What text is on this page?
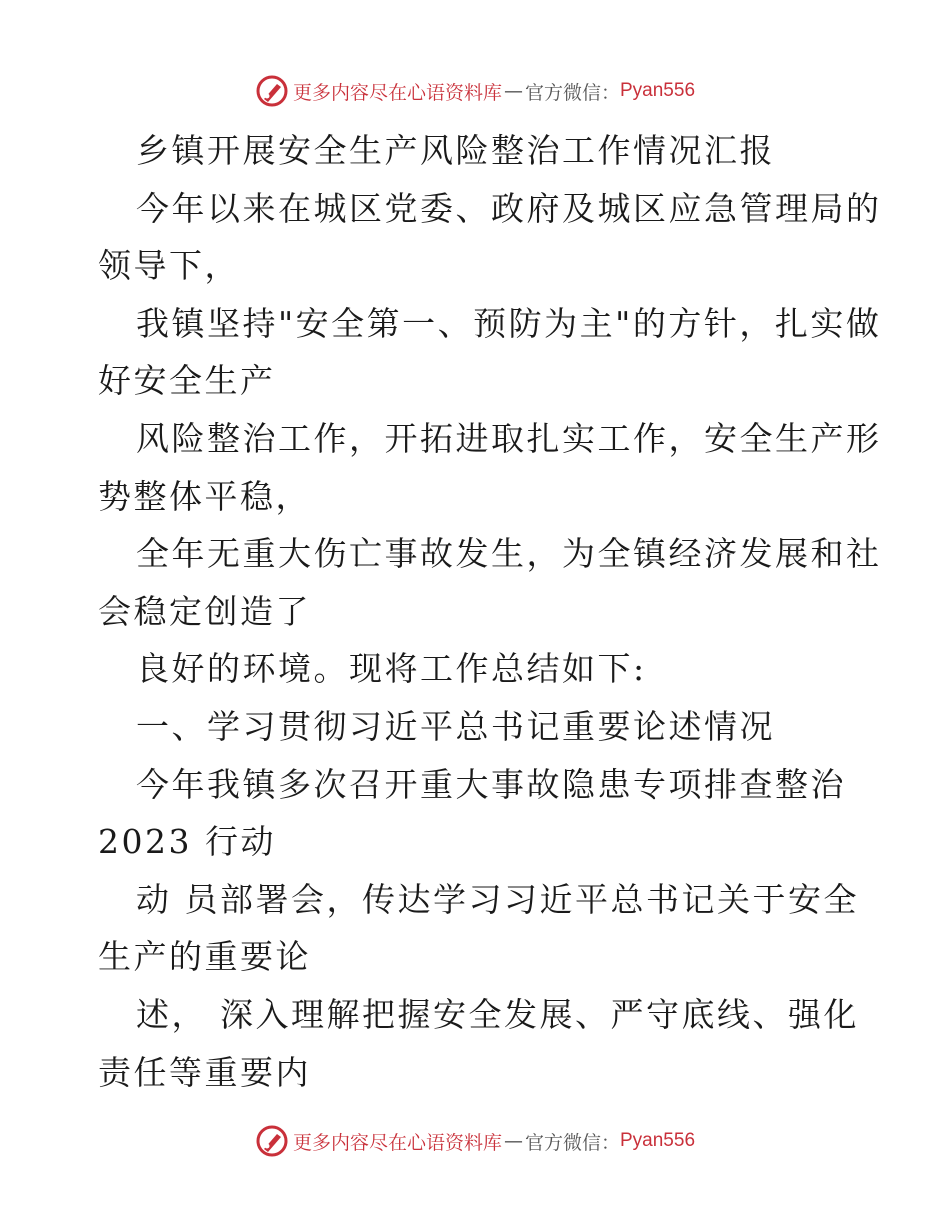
更多内容尽在心语资料库 — 官方微信： Pyan556
乡镇开展安全生产风险整治工作情况汇报
今年以来在城区党委、政府及城区应急管理局的
领导下，
我镇坚持"安全第一、预防为主"的方针，扎实做
好安全生产
风险整治工作，开拓进取扎实工作，安全生产形
势整体平稳，
全年无重大伤亡事故发生，为全镇经济发展和社
会稳定创造了
良好的环境。现将工作总结如下:
一、学习贯彻习近平总书记重要论述情况
今年我镇多次召开重大事故隐患专项排查整治
2023 行动
动 员部署会，传达学习习近平总书记关于安全
生产的重要论
述， 深入理解把握安全发展、严守底线、强化
责任等重要内
更多内容尽在心语资料库 — 官方微信： Pyan556
